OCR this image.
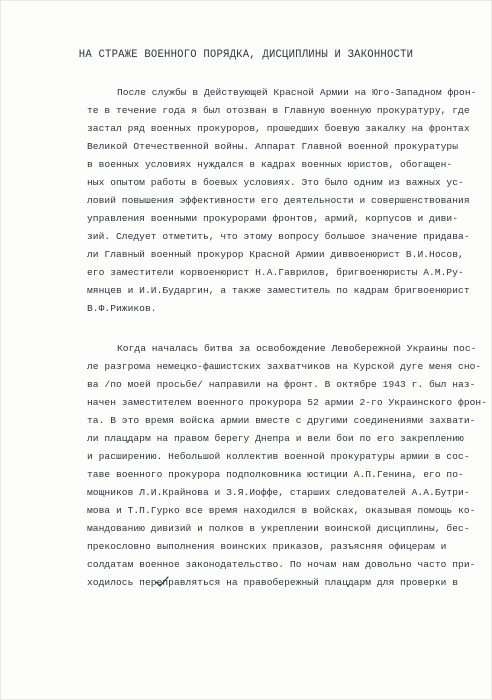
НА СТРАЖЕ ВОЕННОГО ПОРЯДКА, ДИСЦИПЛИНЫ И ЗАКОННОСТИ
После службы в Действующей Красной Армии на Юго-Западном фрон-
те в течение года я был отозван в Главную военную прокуратуру, где
застал ряд военных прокуроров, прошедших боевую закалку на фронтах
Великой Отечественной войны. Аппарат Главной военной прокуратуры
в военных условиях нуждался в кадрах военных юристов, обогащен-
ных опытом работы в боевых условиях. Это было одним из важных ус-
ловий повышения эффективности его деятельности и совершенствования
управления военными прокурорами фронтов, армий, корпусов и диви-
зий. Следует отметить, что этому вопросу большое значение придава-
ли Главный военный прокурор Красной Армии диввоенюрист В.И.Носов,
его заместители корвоенюрист Н.А.Гаврилов, бригвоенюристы А.М.Ру-
мянцев и И.И.Бударгин, а также заместитель по кадрам бригвоенюрист
В.Ф.Рижиков.
Когда началась битва за освобождение Левобережной Украины пос-
ле разгрома немецко-фашистских захватчиков на Курской дуге меня сно-
ва /по моей просьбе/ направили на фронт. В октябре 1943 г. был наз-
начен заместителем военного прокурора 52 армии 2-го Украинского фрон-
та. В это время войска армии вместе с другими соединениями захвати-
ли плацдарм на правом берегу Днепра и вели бои по его закреплению
и расширению. Небольшой коллектив военной прокуратуры армии в сос-
таве военного прокурора подполковника юстиции А.П.Генина, его по-
мощников Л.И.Крайнова и З.Я.Иоффе, старших следователей А.А.Бутри-
мова и Т.П.Гурко все время находился в войсках, оказывая помощь ко-
мандованию дивизий и полков в укреплении воинской дисциплины, бес-
прекословно выполнения воинских приказов, разъясняя офицерам и
солдатам военное законодательство. По ночам нам довольно часто при-
ходилось переправляться на правобережный плацдарм для проверки в
